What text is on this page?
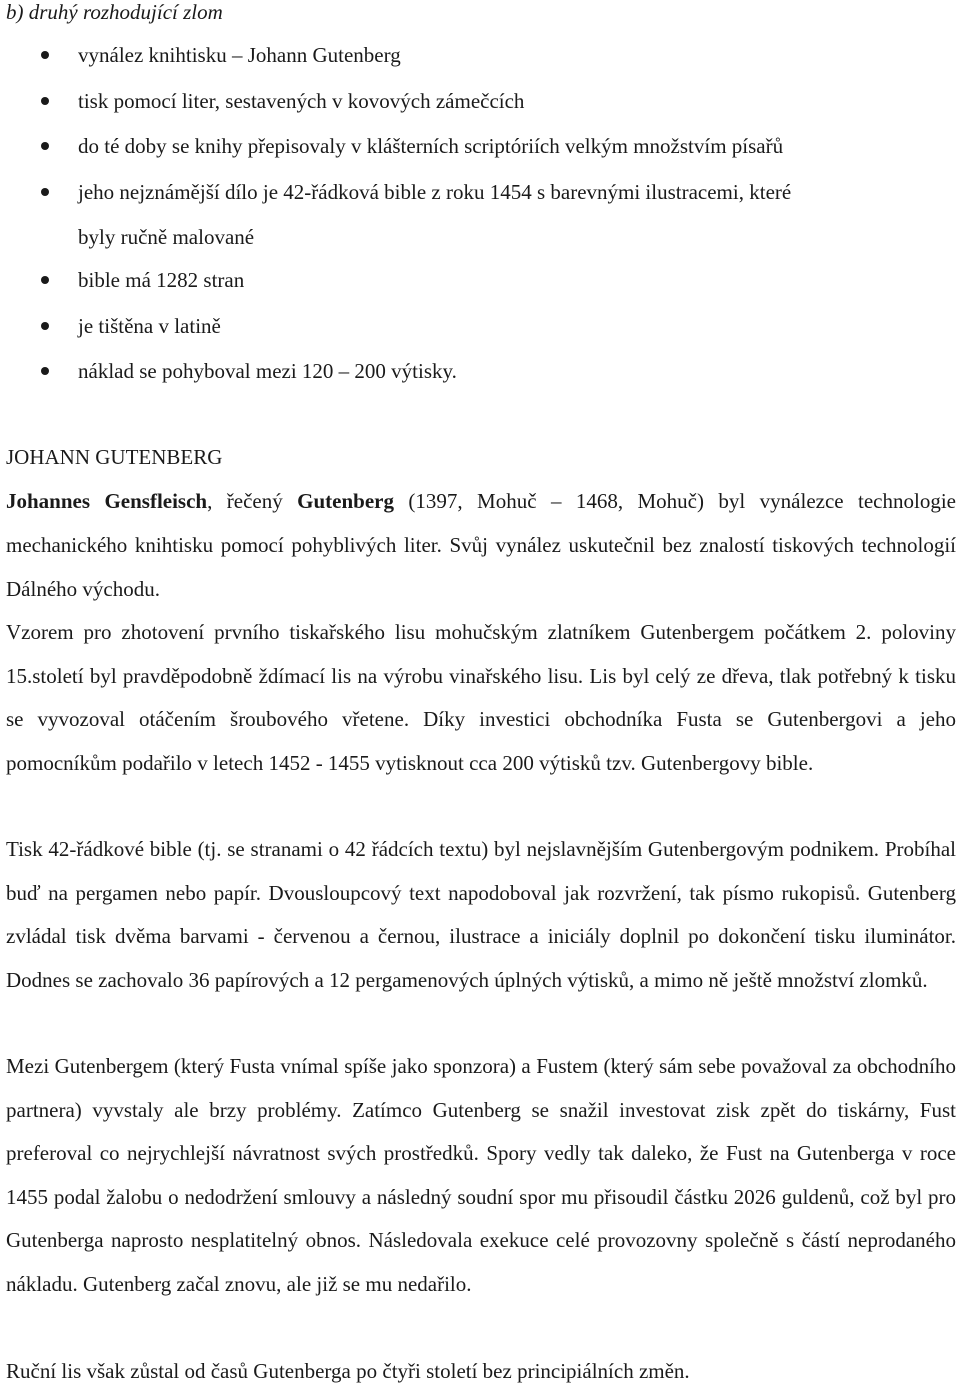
b) druhý rozhodující zlom
vynález knihtisku – Johann Gutenberg
tisk pomocí liter, sestavených v kovových zámečcích
do té doby se knihy přepisovaly v klášterních scriptóriích velkým množstvím písařů
jeho nejznámější dílo je 42-řádková bible z roku 1454 s barevnými ilustracemi, které
byly ručně malované
bible má 1282 stran
je tištěna v latině
náklad se pohyboval mezi 120 – 200 výtisky.
JOHANN GUTENBERG

Johannes Gensfleisch, řečený Gutenberg (1397, Mohuč – 1468, Mohuč) byl vynálezce technologie mechanického knihtisku pomocí pohyblivých liter. Svůj vynález uskutečnil bez znalostí tiskových technologií Dálného východu.

Vzorem pro zhotovení prvního tiskařského lisu mohučským zlatníkem Gutenbergem počátkem 2. poloviny 15.století byl pravděpodobně ždímací lis na výrobu vinařského lisu. Lis byl celý ze dřeva, tlak potřebný k tisku se vyvozoval otáčením šroubového vřetene. Díky investici obchodníka Fusta se Gutenbergovi a jeho pomocníkům podařilo v letech 1452 - 1455 vytisknout cca 200 výtisků tzv. Gutenbergovy bible.

Tisk 42-řádkové bible (tj. se stranami o 42 řádcích textu) byl nejslavnějším Gutenbergovým podnikem. Probíhal buď na pergamen nebo papír. Dvousloupcový text napodoboval jak rozvržení, tak písmo rukopisů. Gutenberg zvládal tisk dvěma barvami - červenou a černou, ilustrace a iniciály doplnil po dokončení tisku iluminátor. Dodnes se zachovalo 36 papírových a 12 pergamenových úplných výtisků, a mimo ně ještě množství zlomků.

Mezi Gutenbergem (který Fusta vnímal spíše jako sponzora) a Fustem (který sám sebe považoval za obchodního partnera) vyvstaly ale brzy problémy. Zatímco Gutenberg se snažil investovat zisk zpět do tiskárny, Fust preferoval co nejrychlejší návratnost svých prostředků. Spory vedly tak daleko, že Fust na Gutenberga v roce 1455 podal žalobu o nedodržení smlouvy a následný soudní spor mu přisoudil částku 2026 guldenů, což byl pro Gutenberga naprosto nesplatitelný obnos. Následovala exekuce celé provozovny společně s částí neprodaného nákladu. Gutenberg začal znovu, ale již se mu nedařilo.

Ruční lis však zůstal od časů Gutenberga po čtyři století bez principiálních změn.
